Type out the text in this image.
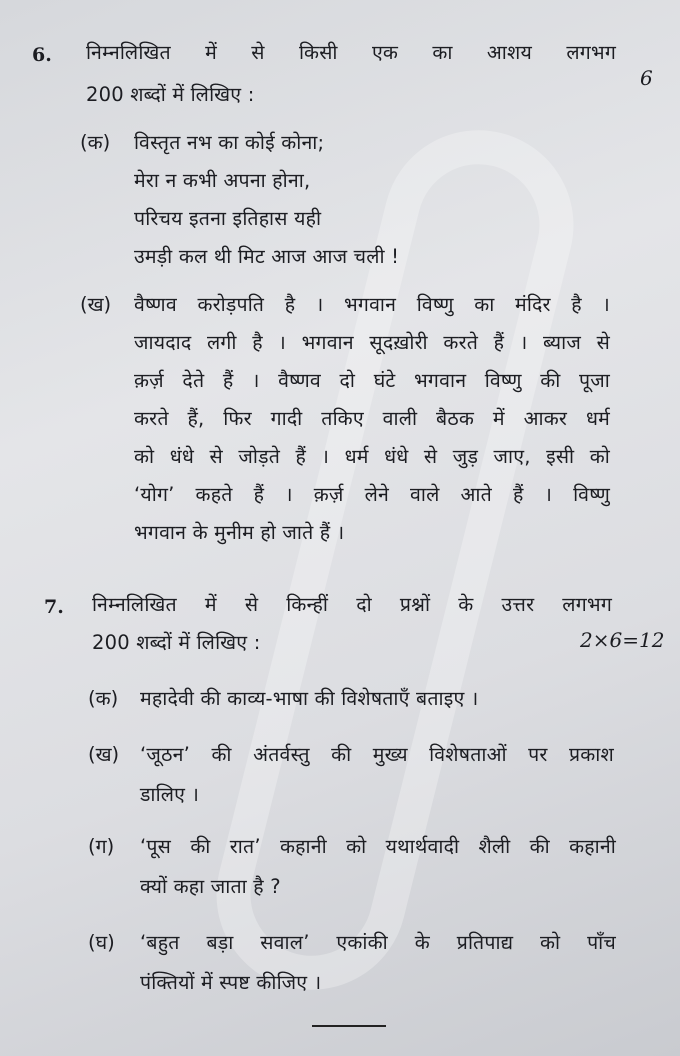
6. निम्नलिखित में से किसी एक का आशय लगभग
200 शब्दों में लिखिए :
6
(क) विस्तृत नभ का कोई कोना;
मेरा न कभी अपना होना,
परिचय इतना इतिहास यही
उमड़ी कल थी मिट आज आज चली !
(ख) वैष्णव करोड़पति है । भगवान विष्णु का मंदिर है ।
जायदाद लगी है । भगवान सूदख़ोरी करते हैं । ब्याज से
क़र्ज़ देते हैं । वैष्णव दो घंटे भगवान विष्णु की पूजा
करते हैं, फिर गादी तकिए वाली बैठक में आकर धर्म
को धंधे से जोड़ते हैं । धर्म धंधे से जुड़ जाए, इसी को
‘योग’ कहते हैं । क़र्ज़ लेने वाले आते हैं । विष्णु
भगवान के मुनीम हो जाते हैं ।
7. निम्नलिखित में से किन्हीं दो प्रश्नों के उत्तर लगभग
200 शब्दों में लिखिए :	2×6=12
(क) महादेवी की काव्य-भाषा की विशेषताएँ बताइए ।
(ख) ‘जूठन’ की अंतर्वस्तु की मुख्य विशेषताओं पर प्रकाश
डालिए ।
(ग) ‘पूस की रात’ कहानी को यथार्थवादी शैली की कहानी
क्यों कहा जाता है ?
(घ) ‘बहुत बड़ा सवाल’ एकांकी के प्रतिपाद्य को पाँच
पंक्तियों में स्पष्ट कीजिए ।
